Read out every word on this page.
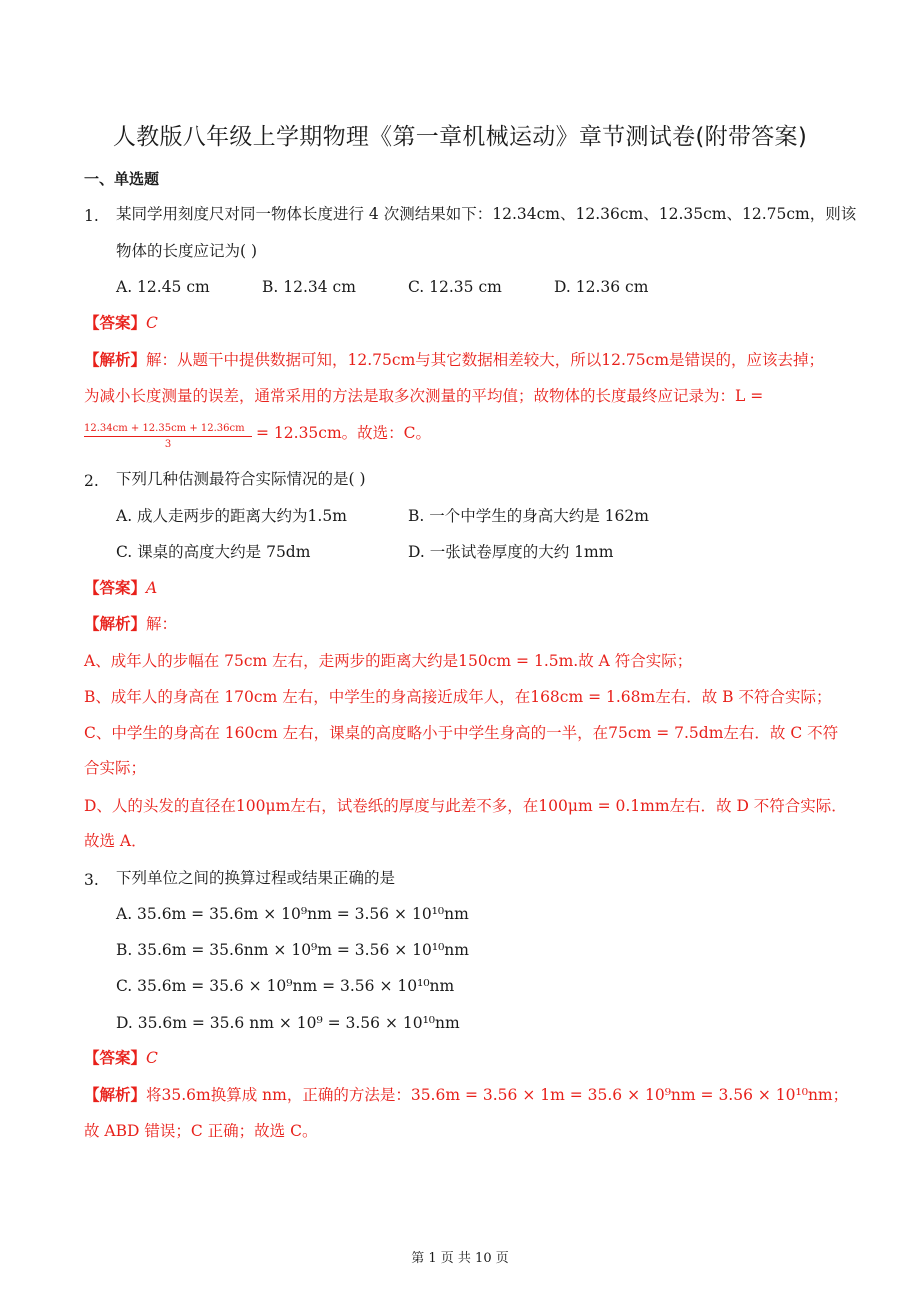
人教版八年级上学期物理《第一章机械运动》章节测试卷(附带答案)
一、单选题
1. 某同学用刻度尺对同一物体长度进行 4 次测结果如下：12.34cm、12.36cm、12.35cm、12.75cm，则该
物体的长度应记为( )
A. 12.45 cm	B. 12.34 cm	C. 12.35 cm	D. 12.36 cm
【答案】C
【解析】解：从题干中提供数据可知，12.75cm与其它数据相差较大，所以12.75cm是错误的，应该去掉；
为减小长度测量的误差，通常采用的方法是取多次测量的平均值；故物体的长度最终应记录为：L =
12.34cm + 12.35cm + 12.36cm
3
= 12.35cm。故选：C。
2. 下列几种估测最符合实际情况的是( )
A. 成人走两步的距离大约为1.5m	B. 一个中学生的身高大约是 162m
C. 课桌的高度大约是 75dm	D. 一张试卷厚度的大约 1mm
【答案】A
【解析】解：
A、成年人的步幅在 75cm 左右，走两步的距离大约是150cm = 1.5m.故 A 符合实际；
B、成年人的身高在 170cm 左右，中学生的身高接近成年人，在168cm = 1.68m左右．故 B 不符合实际；
C、中学生的身高在 160cm 左右，课桌的高度略小于中学生身高的一半，在75cm = 7.5dm左右．故 C 不符
合实际；
D、人的头发的直径在100μm左右，试卷纸的厚度与此差不多，在100μm = 0.1mm左右．故 D 不符合实际．
故选 A．
3. 下列单位之间的换算过程或结果正确的是
A. 35.6m = 35.6m × 10⁹nm = 3.56 × 10¹⁰nm
B. 35.6m = 35.6nm × 10⁹m = 3.56 × 10¹⁰nm
C. 35.6m = 35.6 × 10⁹nm = 3.56 × 10¹⁰nm
D. 35.6m = 35.6 nm × 10⁹ = 3.56 × 10¹⁰nm
【答案】C
【解析】将35.6m换算成 nm，正确的方法是：35.6m = 3.56 × 1m = 35.6 × 10⁹nm = 3.56 × 10¹⁰nm；
故 ABD 错误；C 正确；故选 C。
第 1 页 共 10 页
